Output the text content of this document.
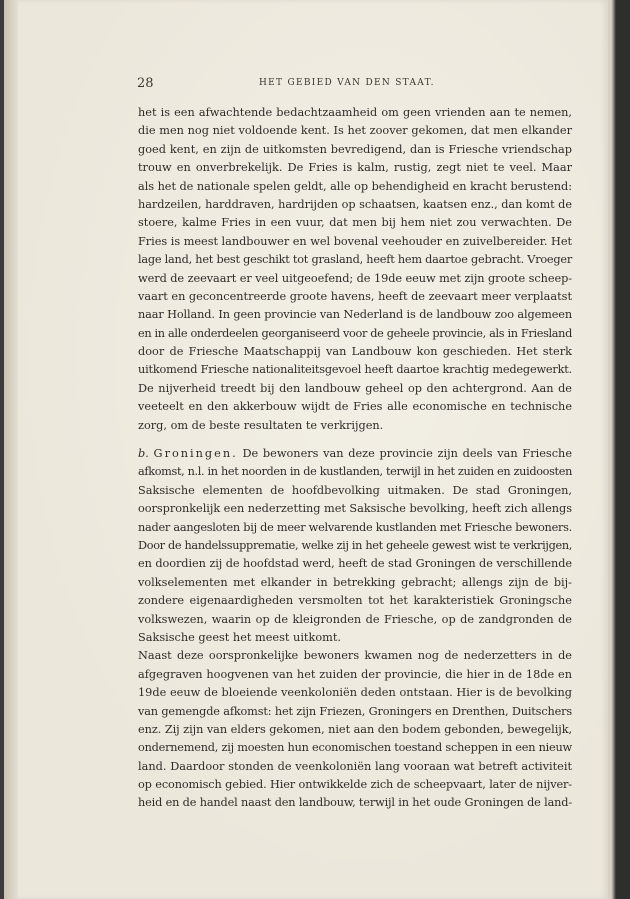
28	HET GEBIED VAN DEN STAAT.
het is een afwachtende bedachtzaamheid om geen vrienden aan te nemen,
die men nog niet voldoende kent. Is het zoover gekomen, dat men elkander
goed kent, en zijn de uitkomsten bevredigend, dan is Friesche vriendschap
trouw en onverbrekelijk. De Fries is kalm, rustig, zegt niet te veel. Maar
als het de nationale spelen geldt, alle op behendigheid en kracht berustend:
hardzeilen, harddraven, hardrijden op schaatsen, kaatsen enz., dan komt de
stoere, kalme Fries in een vuur, dat men bij hem niet zou verwachten. De
Fries is meest landbouwer en wel bovenal veehouder en zuivelbereider. Het
lage land, het best geschikt tot grasland, heeft hem daartoe gebracht. Vroeger
werd de zeevaart er veel uitgeoefend; de 19de eeuw met zijn groote scheep-
vaart en geconcentreerde groote havens, heeft de zeevaart meer verplaatst
naar Holland. In geen provincie van Nederland is de landbouw zoo algemeen
en in alle onderdeelen georganiseerd voor de geheele provincie, als in Friesland
door de Friesche Maatschappij van Landbouw kon geschieden. Het sterk
uitkomend Friesche nationaliteitsgevoel heeft daartoe krachtig medegewerkt.
De nijverheid treedt bij den landbouw geheel op den achtergrond. Aan de
veeteelt en den akkerbouw wijdt de Fries alle economische en technische
zorg, om de beste resultaten te verkrijgen.
b. Groningen. De bewoners van deze provincie zijn deels van Friesche
afkomst, n.l. in het noorden in de kustlanden, terwijl in het zuiden en zuidoosten
Saksische elementen de hoofdbevolking uitmaken. De stad Groningen,
oorspronkelijk een nederzetting met Saksische bevolking, heeft zich allengs
nader aangesloten bij de meer welvarende kustlanden met Friesche bewoners.
Door de handelssupprematie, welke zij in het geheele gewest wist te verkrijgen,
en doordien zij de hoofdstad werd, heeft de stad Groningen de verschillende
volkselementen met elkander in betrekking gebracht; allengs zijn de bij-
zondere eigenaardigheden versmolten tot het karakteristiek Groningsche
volkswezen, waarin op de kleigronden de Friesche, op de zandgronden de
Saksische geest het meest uitkomt.
Naast deze oorspronkelijke bewoners kwamen nog de nederzetters in de
afgegraven hoogvenen van het zuiden der provincie, die hier in de 18de en
19de eeuw de bloeiende veenkoloniën deden ontstaan. Hier is de bevolking
van gemengde afkomst: het zijn Friezen, Groningers en Drenthen, Duitschers
enz. Zij zijn van elders gekomen, niet aan den bodem gebonden, bewegelijk,
ondernemend, zij moesten hun economischen toestand scheppen in een nieuw
land. Daardoor stonden de veenkoloniën lang vooraan wat betreft activiteit
op economisch gebied. Hier ontwikkelde zich de scheepvaart, later de nijver-
heid en de handel naast den landbouw, terwijl in het oude Groningen de land-
